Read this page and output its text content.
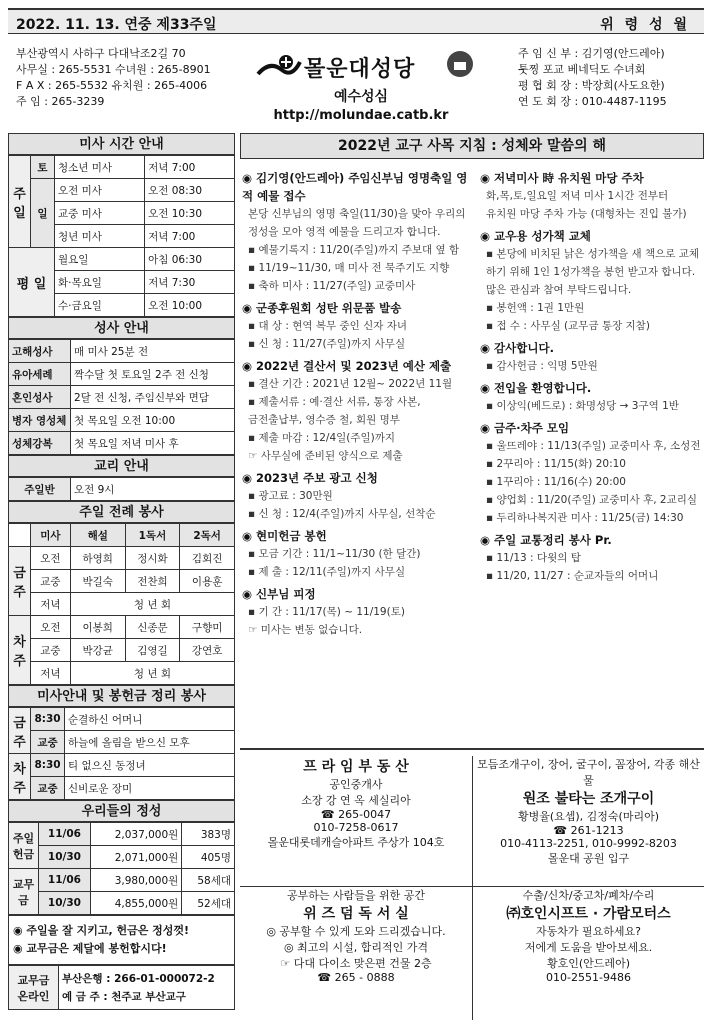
2022. 11. 13. 연중 제33주일	위 령 성 월
부산광역시 사하구 다대낙조2길 70
사무실 : 265-5531 수녀원 : 265-8901
F A X : 265-5532 유치원 : 265-4006
주 임 : 265-3239
몰운대성당
예수성심
http://molundae.catb.kr
주 임 신 부 : 김기영(안드레아)
툿찡 포교 베네딕도 수녀회
평 협 회 장 : 박장희(사도요한)
연 도 회 장 : 010-4487-1195
미사 시간 안내
주일	토	청소년 미사	저녁 7:00
	일	오전 미사	오전 08:30
		교중 미사	오전 10:30
		청년 미사	저녁 7:00
평 일		월요일	아침 06:30
		화·목요일	저녁 7:30
		수·금요일	오전 10:00
성사 안내
고해성사	매 미사 25분 전
유아세례	짝수달 첫 토요일 2주 전 신청
혼인성사	2달 전 신청, 주임신부와 면담
병자 영성체	첫 목요일 오전 10:00
성체강복	첫 목요일 저녁 미사 후
교리 안내
주일반	오전 9시
주일 전례 봉사
	미사	해설	1독서	2독서
금주	오전	하영희	정시화	김회진
	교중	박길숙	전찬희	이용훈
	저녁	청 년 회		
차주	오전	이봉희	신종문	구향미
	교중	박강균	김영길	강연호
	저녁	청 년 회		
미사안내 및 봉헌금 정리 봉사
금주	8:30	순결하신 어머니
	교중	하늘에 올림을 받으신 모후
차주	8:30	티 없으신 동정녀
	교중	신비로운 장미
우리들의 정성
주일헌금	11/06	2,037,000원	383명
	10/30	2,071,000원	405명
교무금	11/06	3,980,000원	58세대
	10/30	4,855,000원	52세대
◉ 주일을 잘 지키고, 헌금은 정성껏!
◉ 교무금은 제달에 봉헌합시다!
교무금 온라인	
부산은행 : 266-01-000072-2
예 금 주 : 천주교 부산교구
2022년 교구 사목 지침 : 성체와 말씀의 해
◉ 김기영(안드레아) 주임신부님 영명축일 영적 예물 접수

본당 신부님의 영명 축일(11/30)을 맞아 우리의 정성을 모아 영적 예물을 드리고자 합니다.

▪ 예물기록지 : 11/20(주일)까지 주보대 옆 함

▪ 11/19~11/30, 매 미사 전 묵주기도 지향

▪ 축하 미사 : 11/27(주일) 교중미사

◉ 군종후원회 성탄 위문품 발송

▪ 대 상 : 현역 복무 중인 신자 자녀

▪ 신 청 : 11/27(주일)까지 사무실

◉ 2022년 결산서 및 2023년 예산 제출

▪ 결산 기간 : 2021년 12월~ 2022년 11월

▪ 제출서류 : 예·결산 서류, 통장 사본,

금전출납부, 영수증 철, 회원 명부

▪ 제출 마감 : 12/4일(주일)까지

☞ 사무실에 준비된 양식으로 제출

◉ 2023년 주보 광고 신청

▪ 광고료 : 30만원

▪ 신 청 : 12/4(주일)까지 사무실, 선착순

◉ 현미헌금 봉헌

▪ 모금 기간 : 11/1~11/30 (한 달간)

▪ 제 출 : 12/11(주일)까지 사무실

◉ 신부님 피정

▪ 기 간 : 11/17(목) ~ 11/19(토)

☞ 미사는 변동 없습니다.

◉ 저녁미사 時 유치원 마당 주차

화,목,토,일요일 저녁 미사 1시간 전부터

유치원 마당 주차 가능 (대형차는 진입 불가)

◉ 교우용 성가책 교체

▪ 본당에 비치된 낡은 성가책을 새 책으로 교체

하기 위해 1인 1성가책을 봉헌 받고자 합니다.

많은 관심과 참여 부탁드립니다.

▪ 봉헌액 : 1권 1만원

▪ 접 수 : 사무실 (교무금 통장 지참)

◉ 감사합니다.

▪ 감사헌금 : 익명 5만원

◉ 전입을 환영합니다.

▪ 이상익(베드로) : 화명성당 → 3구역 1반

◉ 금주·차주 모임

▪ 울뜨레야 : 11/13(주일) 교중미사 후, 소성전

▪ 2꾸리아 : 11/15(화) 20:10

▪ 1꾸리아 : 11/16(수) 20:00

▪ 양업회 : 11/20(주일) 교중미사 후, 2교리실

▪ 두리하나복지관 미사 : 11/25(금) 14:30

◉ 주일 교통정리 봉사 Pr.

▪ 11/13 : 다윗의 탑

▪ 11/20, 11/27 : 순교자들의 어머니

프 라 임 부 동 산
공인중개사
소장 강 연 옥 세실리아
☎ 265-0047
010-7258-0617
몰운대롯데캐슬아파트 주상가 104호
모듬조개구이, 장어, 굴구이, 꼼장어, 각종 해산물
원조 불타는 조개구이
황병율(요셉), 김정숙(마리아)
☎ 261-1213
010-4113-2251, 010-9992-8203
몰운대 공원 입구
공부하는 사람들을 위한 공간
위 즈 덤 독 서 실
◎ 공부할 수 있게 도와 드리겠습니다.
◎ 최고의 시설, 합리적인 가격
☞ 다대 다이소 맞은편 건물 2층
☎ 265 - 0888
수출/신차/중고차/폐차/수리
㈜호인시프트 · 가람모터스
자동차가 필요하세요?
저에게 도움을 받아보세요.
황호인(안드레아)
010-2551-9486
